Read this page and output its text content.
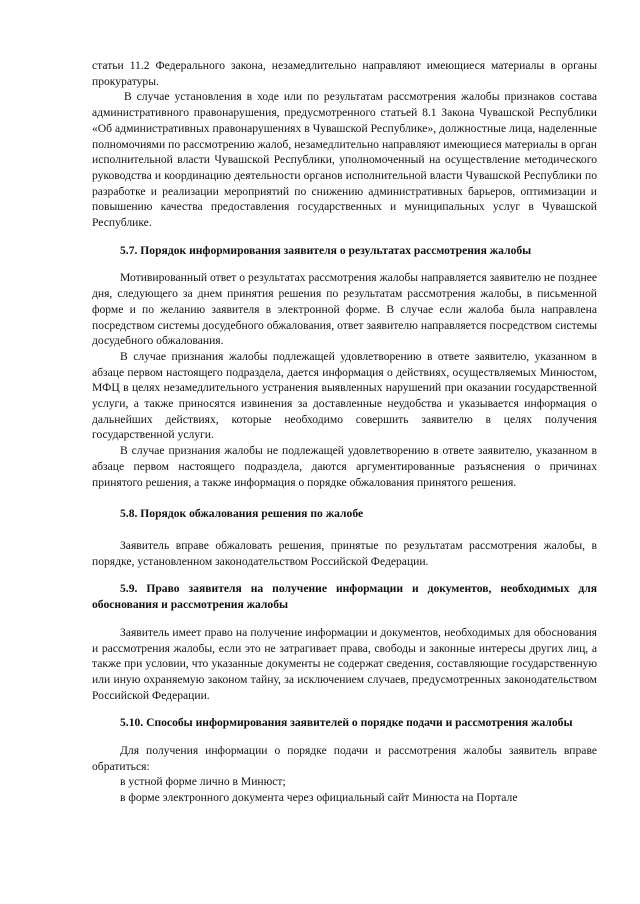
статьи 11.2 Федерального закона, незамедлительно направляют имеющиеся материалы в органы прокуратуры.

В случае установления в ходе или по результатам рассмотрения жалобы признаков состава административного правонарушения, предусмотренного статьей 8.1 Закона Чувашской Республики «Об административных правонарушениях в Чувашской Республике», должностные лица, наделенные полномочиями по рассмотрению жалоб, незамедлительно направляют имеющиеся материалы в орган исполнительной власти Чувашской Республики, уполномоченный на осуществление методического руководства и координацию деятельности органов исполнительной власти Чувашской Республики по разработке и реализации мероприятий по снижению административных барьеров, оптимизации и повышению качества предоставления государственных и муниципальных услуг в Чувашской Республике.

5.7. Порядок информирования заявителя о результатах рассмотрения жалобы

Мотивированный ответ о результатах рассмотрения жалобы направляется заявителю не позднее дня, следующего за днем принятия решения по результатам рассмотрения жалобы, в письменной форме и по желанию заявителя в электронной форме. В случае если жалоба была направлена посредством системы досудебного обжалования, ответ заявителю направляется посредством системы досудебного обжалования.

В случае признания жалобы подлежащей удовлетворению в ответе заявителю, указанном в абзаце первом настоящего подраздела, дается информация о действиях, осуществляемых Минюстом, МФЦ в целях незамедлительного устранения выявленных нарушений при оказании государственной услуги, а также приносятся извинения за доставленные неудобства и указывается информация о дальнейших действиях, которые необходимо совершить заявителю в целях получения государственной услуги.

В случае признания жалобы не подлежащей удовлетворению в ответе заявителю, указанном в абзаце первом настоящего подраздела, даются аргументированные разъяснения о причинах принятого решения, а также информация о порядке обжалования принятого решения.

5.8. Порядок обжалования решения по жалобе

Заявитель вправе обжаловать решения, принятые по результатам рассмотрения жалобы, в порядке, установленном законодательством Российской Федерации.

5.9. Право заявителя на получение информации и документов, необходимых для обоснования и рассмотрения жалобы

Заявитель имеет право на получение информации и документов, необходимых для обоснования и рассмотрения жалобы, если это не затрагивает права, свободы и законные интересы других лиц, а также при условии, что указанные документы не содержат сведения, составляющие государственную или иную охраняемую законом тайну, за исключением случаев, предусмотренных законодательством Российской Федерации.

5.10. Способы информирования заявителей о порядке подачи и рассмотрения жалобы

Для получения информации о порядке подачи и рассмотрения жалобы заявитель вправе обратиться:

в устной форме лично в Минюст;

в форме электронного документа через официальный сайт Минюста на Портале
